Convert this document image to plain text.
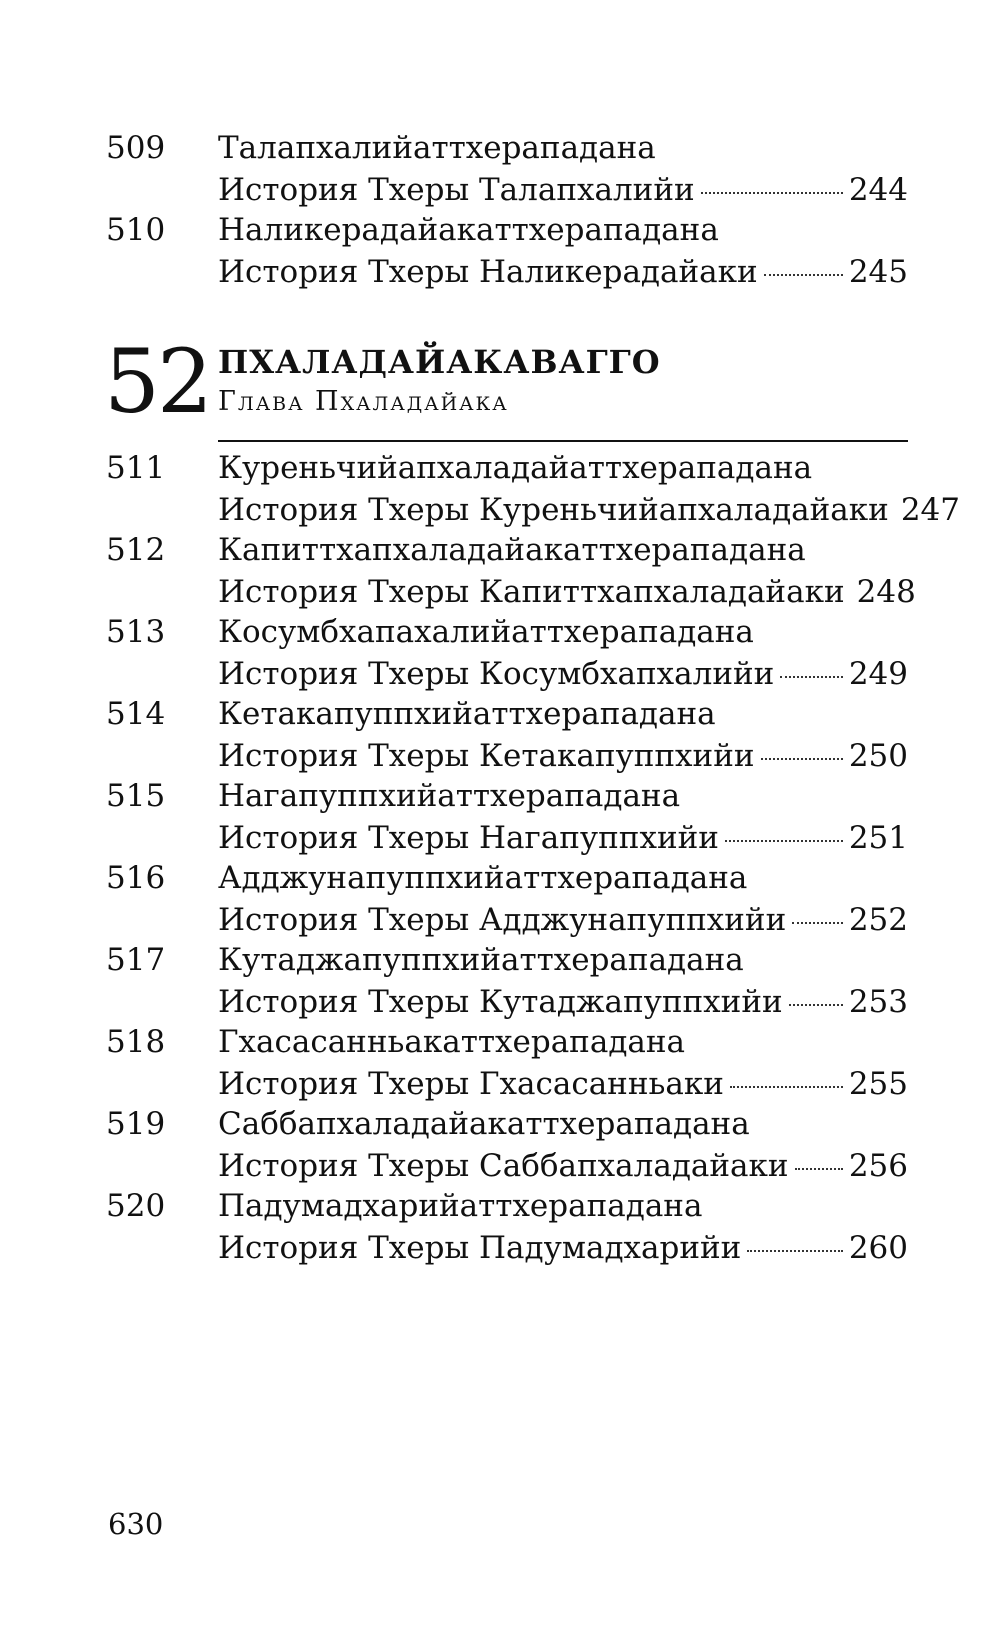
509 Талапхалийаттхерападана
История Тхеры Талапхалийи	244
510 Наликерадайакаттхерападана
История Тхеры Наликерадайаки	245
52 ПХАЛАДАЙАКАВАГГО
Глава Пхаладайака
511 Куреньчийапхаладайаттхерападана
История Тхеры Куреньчийапхаладайаки 247
512 Капиттхапхаладайакаттхерападана
История Тхеры Капиттхапхаладайаки 248
513 Косумбхапахалийаттхерападана
История Тхеры Косумбхапхалийи 249
514 Кетакапуппхийаттхерападана
История Тхеры Кетакапуппхийи	250
515 Нагапуппхийаттхерападана
История Тхеры Нагапуппхийи	251
516 Адджунапуппхийаттхерападана
История Тхеры Адджунапуппхийи 252
517 Кутаджапуппхийаттхерападана
История Тхеры Кутаджапуппхийи 253
518 Гхасасанньакаттхерападана
История Тхеры Гхасасанньаки	255
519 Саббапхаладайакаттхерападана
История Тхеры Саббапхаладайаки 256
520 Падумадхарийаттхерападана
История Тхеры Падумадхарийи	260
630
